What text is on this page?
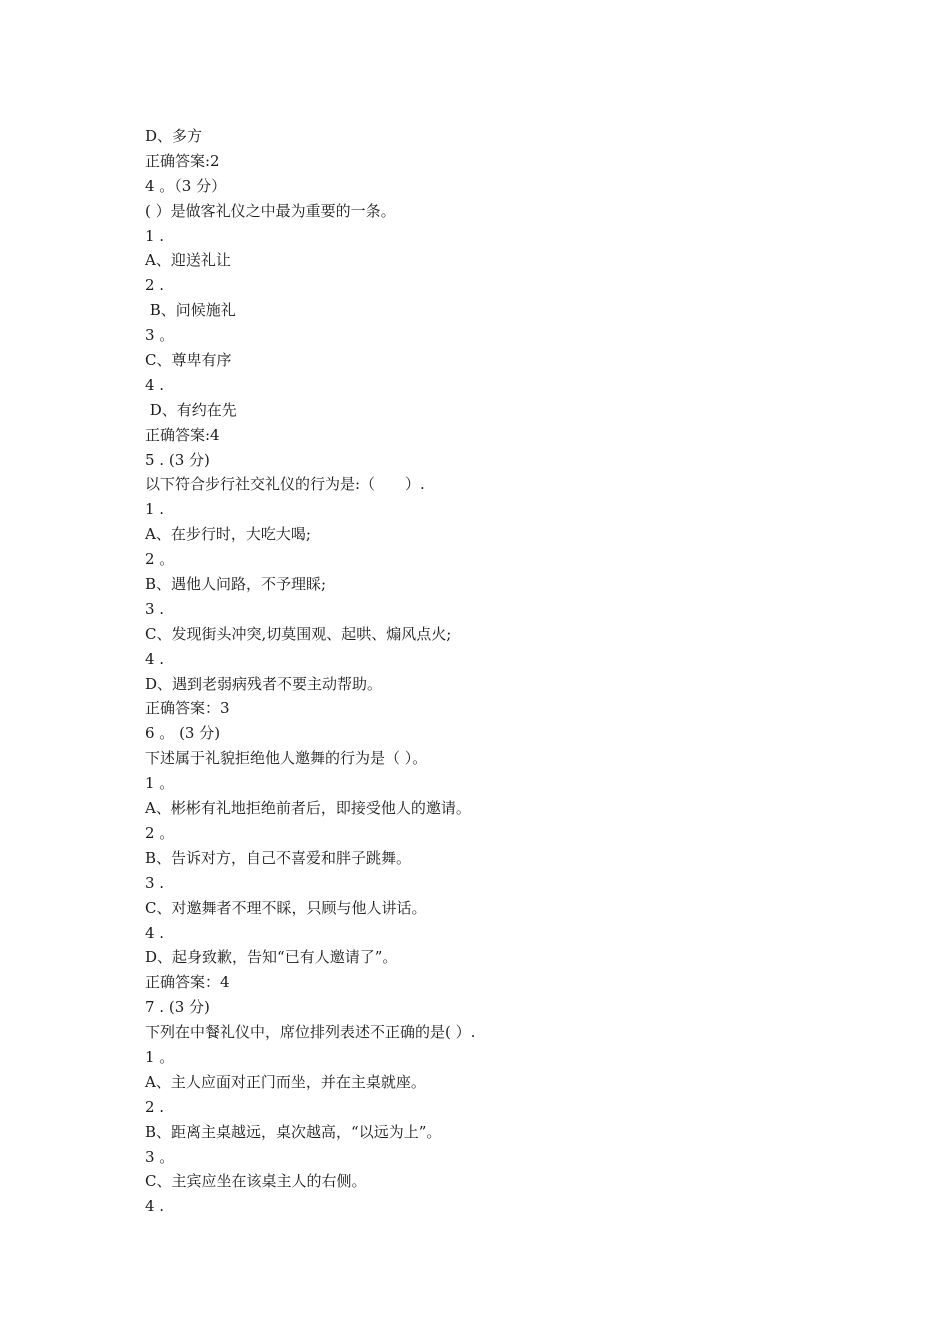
D、多方
正确答案:2
4 。（3 分）
( ）是做客礼仪之中最为重要的一条。
1 .
A、迎送礼让
2 .
B、问候施礼
3 。
C、尊卑有序
4 .
D、有约在先
正确答案:4
5 . (3 分)
以下符合步行社交礼仪的行为是:（　　）.
1 .
A、在步行时，大吃大喝;
2 。
B、遇他人问路，不予理睬;
3 .
C、发现街头冲突,切莫围观、起哄、煽风点火;
4 .
D、遇到老弱病残者不要主动帮助。
正确答案：3
6 。 (3 分)
下述属于礼貌拒绝他人邀舞的行为是（ ）。
1 。
A、彬彬有礼地拒绝前者后，即接受他人的邀请。
2 。
B、告诉对方，自己不喜爱和胖子跳舞。
3 .
C、对邀舞者不理不睬，只顾与他人讲话。
4 .
D、起身致歉，告知“已有人邀请了”。
正确答案：4
7 . (3 分)
下列在中餐礼仪中，席位排列表述不正确的是( ）.
1 。
A、主人应面对正门而坐，并在主桌就座。
2 .
B、距离主桌越远，桌次越高，“以远为上”。
3 。
C、主宾应坐在该桌主人的右侧。
4 .
